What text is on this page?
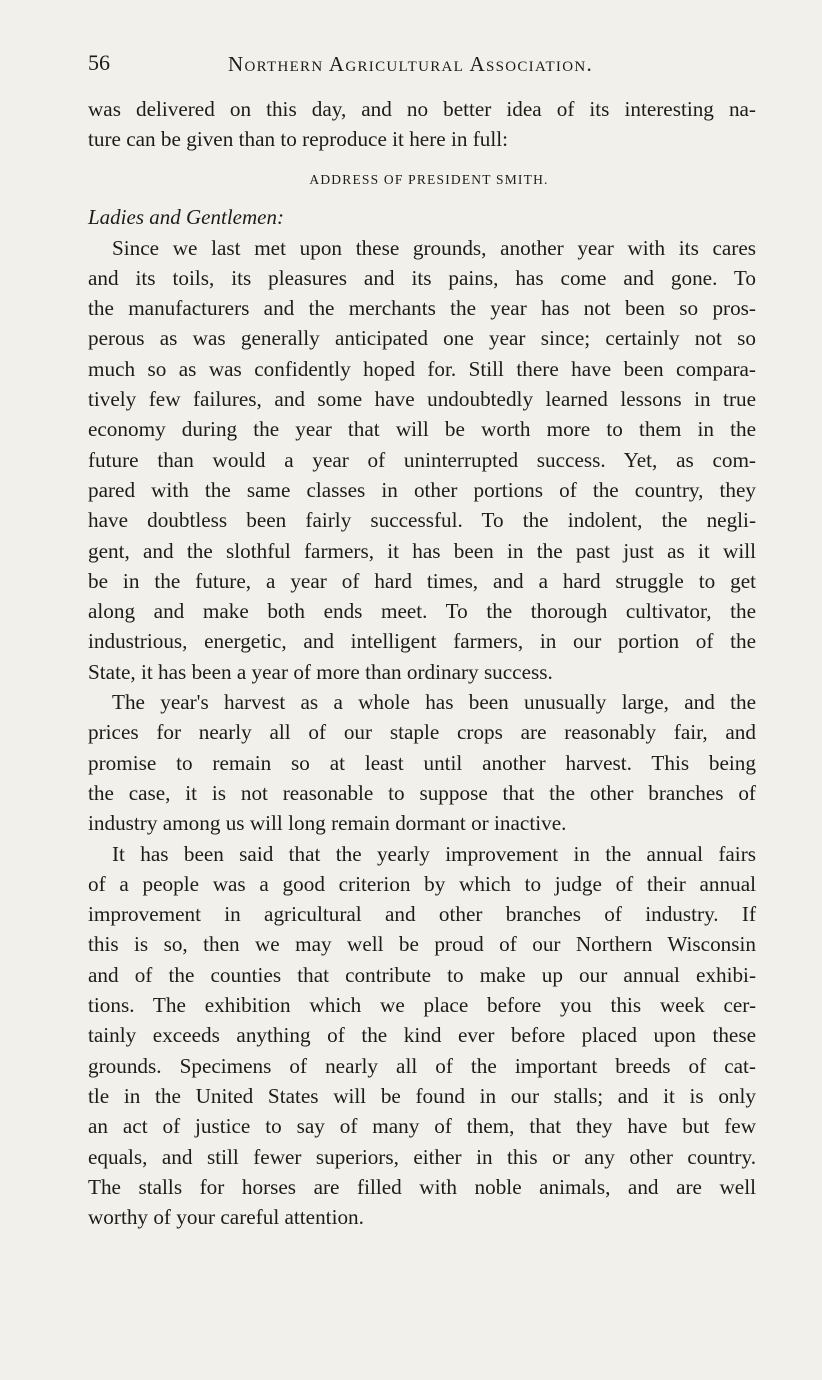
56	Northern Agricultural Association.
was delivered on this day, and no better idea of its interesting na-
ture can be given than to reproduce it here in full:
ADDRESS OF PRESIDENT SMITH.
Ladies and Gentlemen:
Since we last met upon these grounds, another year with its cares
and its toils, its pleasures and its pains, has come and gone. To
the manufacturers and the merchants the year has not been so pros-
perous as was generally anticipated one year since; certainly not so
much so as was confidently hoped for. Still there have been compara-
tively few failures, and some have undoubtedly learned lessons in true
economy during the year that will be worth more to them in the
future than would a year of uninterrupted success. Yet, as com-
pared with the same classes in other portions of the country, they
have doubtless been fairly successful. To the indolent, the negli-
gent, and the slothful farmers, it has been in the past just as it will
be in the future, a year of hard times, and a hard struggle to get
along and make both ends meet. To the thorough cultivator, the
industrious, energetic, and intelligent farmers, in our portion of the
State, it has been a year of more than ordinary success.
The year's harvest as a whole has been unusually large, and the
prices for nearly all of our staple crops are reasonably fair, and
promise to remain so at least until another harvest. This being
the case, it is not reasonable to suppose that the other branches of
industry among us will long remain dormant or inactive.
It has been said that the yearly improvement in the annual fairs
of a people was a good criterion by which to judge of their annual
improvement in agricultural and other branches of industry. If
this is so, then we may well be proud of our Northern Wisconsin
and of the counties that contribute to make up our annual exhibi-
tions. The exhibition which we place before you this week cer-
tainly exceeds anything of the kind ever before placed upon these
grounds. Specimens of nearly all of the important breeds of cat-
tle in the United States will be found in our stalls; and it is only
an act of justice to say of many of them, that they have but few
equals, and still fewer superiors, either in this or any other country.
The stalls for horses are filled with noble animals, and are well
worthy of your careful attention.
